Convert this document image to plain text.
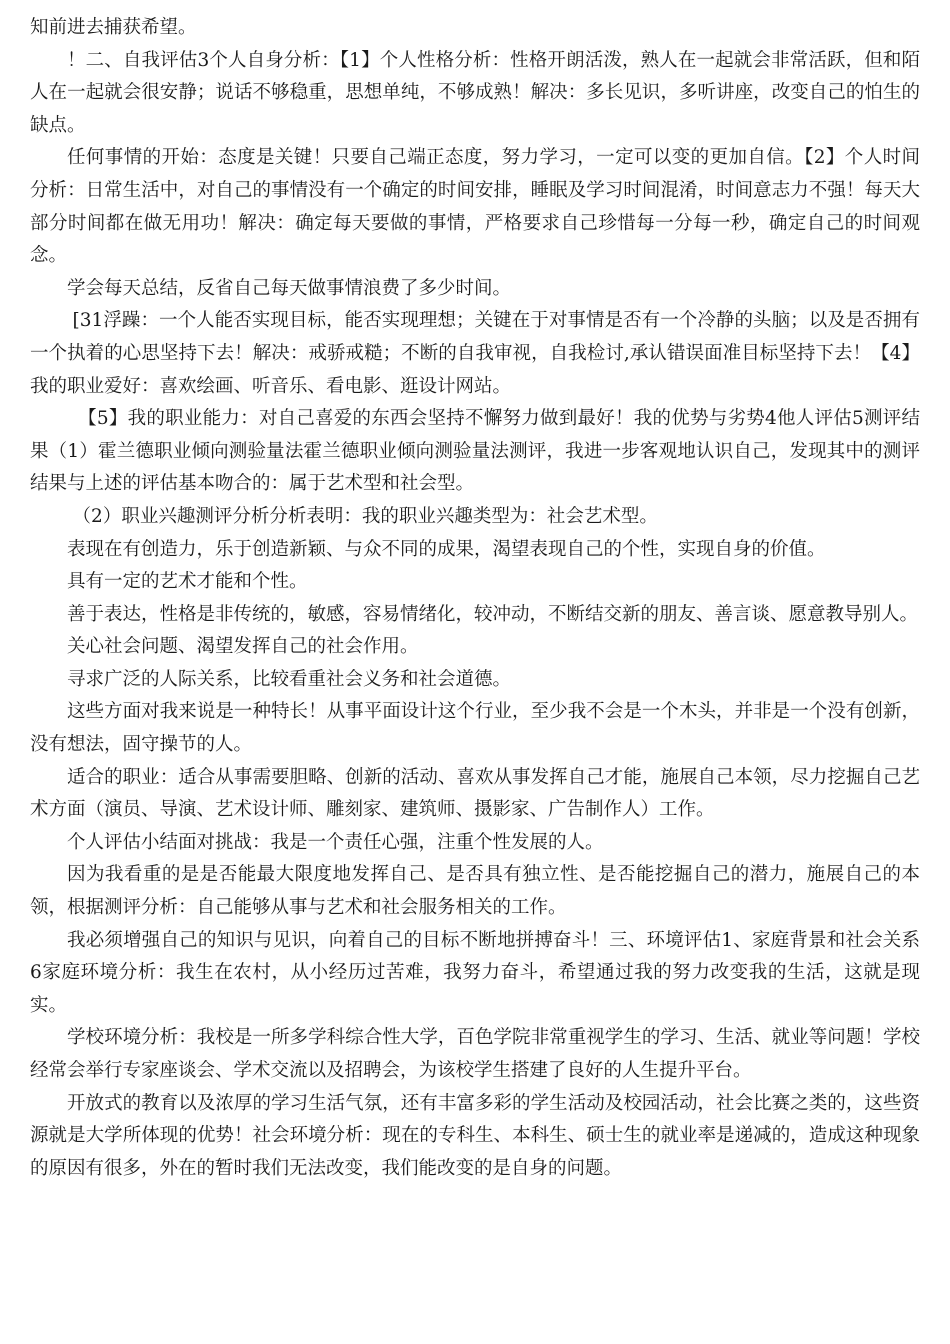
知前进去捕获希望。

！二、自我评估3个人自身分析：【1】个人性格分析：性格开朗活泼，熟人在一起就会非常活跃，但和陌人在一起就会很安静；说话不够稳重，思想单纯，不够成熟！解决：多长见识，多听讲座，改变自己的怕生的缺点。

任何事情的开始：态度是关键！只要自己端正态度，努力学习，一定可以变的更加自信。【2】个人时间分析：日常生活中，对自己的事情没有一个确定的时间安排，睡眠及学习时间混淆，时间意志力不强！每天大部分时间都在做无用功！解决：确定每天要做的事情，严格要求自己珍惜每一分每一秒，确定自己的时间观念。

学会每天总结，反省自己每天做事情浪费了多少时间。

[31浮躁：一个人能否实现目标，能否实现理想；关键在于对事情是否有一个冷静的头脑；以及是否拥有一个执着的心思坚持下去！解决：戒骄戒糙；不断的自我审视，自我检讨,承认错误面准目标坚持下去！【4】我的职业爱好：喜欢绘画、听音乐、看电影、逛设计网站。

【5】我的职业能力：对自己喜爱的东西会坚持不懈努力做到最好！我的优势与劣势4他人评估5测评结果（1）霍兰德职业倾向测验量法霍兰德职业倾向测验量法测评，我进一步客观地认识自己，发现其中的测评结果与上述的评估基本吻合的：属于艺术型和社会型。

（2）职业兴趣测评分析分析表明：我的职业兴趣类型为：社会艺术型。

表现在有创造力，乐于创造新颖、与众不同的成果，渴望表现自己的个性，实现自身的价值。

具有一定的艺术才能和个性。

善于表达，性格是非传统的，敏感，容易情绪化，较冲动，不断结交新的朋友、善言谈、愿意教导别人。

关心社会问题、渴望发挥自己的社会作用。

寻求广泛的人际关系，比较看重社会义务和社会道德。

这些方面对我来说是一种特长！从事平面设计这个行业，至少我不会是一个木头，并非是一个没有创新，没有想法，固守操节的人。

适合的职业：适合从事需要胆略、创新的活动、喜欢从事发挥自己才能，施展自己本领，尽力挖掘自己艺术方面（演员、导演、艺术设计师、雕刻家、建筑师、摄影家、广告制作人）工作。

个人评估小结面对挑战：我是一个责任心强，注重个性发展的人。

因为我看重的是是否能最大限度地发挥自己、是否具有独立性、是否能挖掘自己的潜力，施展自己的本领，根据测评分析：自己能够从事与艺术和社会服务相关的工作。

我必须增强自己的知识与见识，向着自己的目标不断地拼搏奋斗！三、环境评估1、家庭背景和社会关系6家庭环境分析：我生在农村，从小经历过苦难，我努力奋斗，希望通过我的努力改变我的生活，这就是现实。

学校环境分析：我校是一所多学科综合性大学，百色学院非常重视学生的学习、生活、就业等问题！学校经常会举行专家座谈会、学术交流以及招聘会，为该校学生搭建了良好的人生提升平台。

开放式的教育以及浓厚的学习生活气氛，还有丰富多彩的学生活动及校园活动，社会比赛之类的，这些资源就是大学所体现的优势！社会环境分析：现在的专科生、本科生、硕士生的就业率是递减的，造成这种现象的原因有很多，外在的暂时我们无法改变，我们能改变的是自身的问题。
